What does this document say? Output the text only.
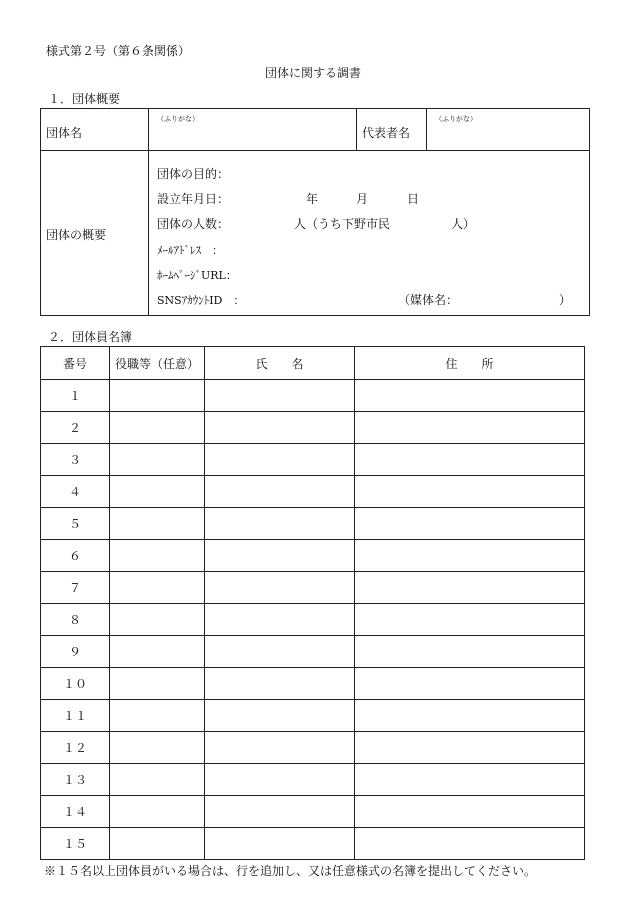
様式第２号（第６条関係）
団体に関する調書
１．団体概要
団体名
（ふりがな）
代表者名
（ふりがな）
団体の概要
団体の目的：
設立年月日：	年	月	日
団体の人数：	人（うち下野市民	人）
ﾒｰﾙｱﾄﾞﾚｽ　：
ﾎｰﾑﾍﾟｰｼﾞURL：
SNSｱｶｳﾝﾄID　：	（媒体名：	）
２．団体員名簿
番号	役職等（任意）	氏　　名	住　　所
１			
２			
３			
４			
５			
６			
７			
８			
９			
１０			
１１			
１２			
１３			
１４			
１５			
※１５名以上団体員がいる場合は、行を追加し、又は任意様式の名簿を提出してください。
